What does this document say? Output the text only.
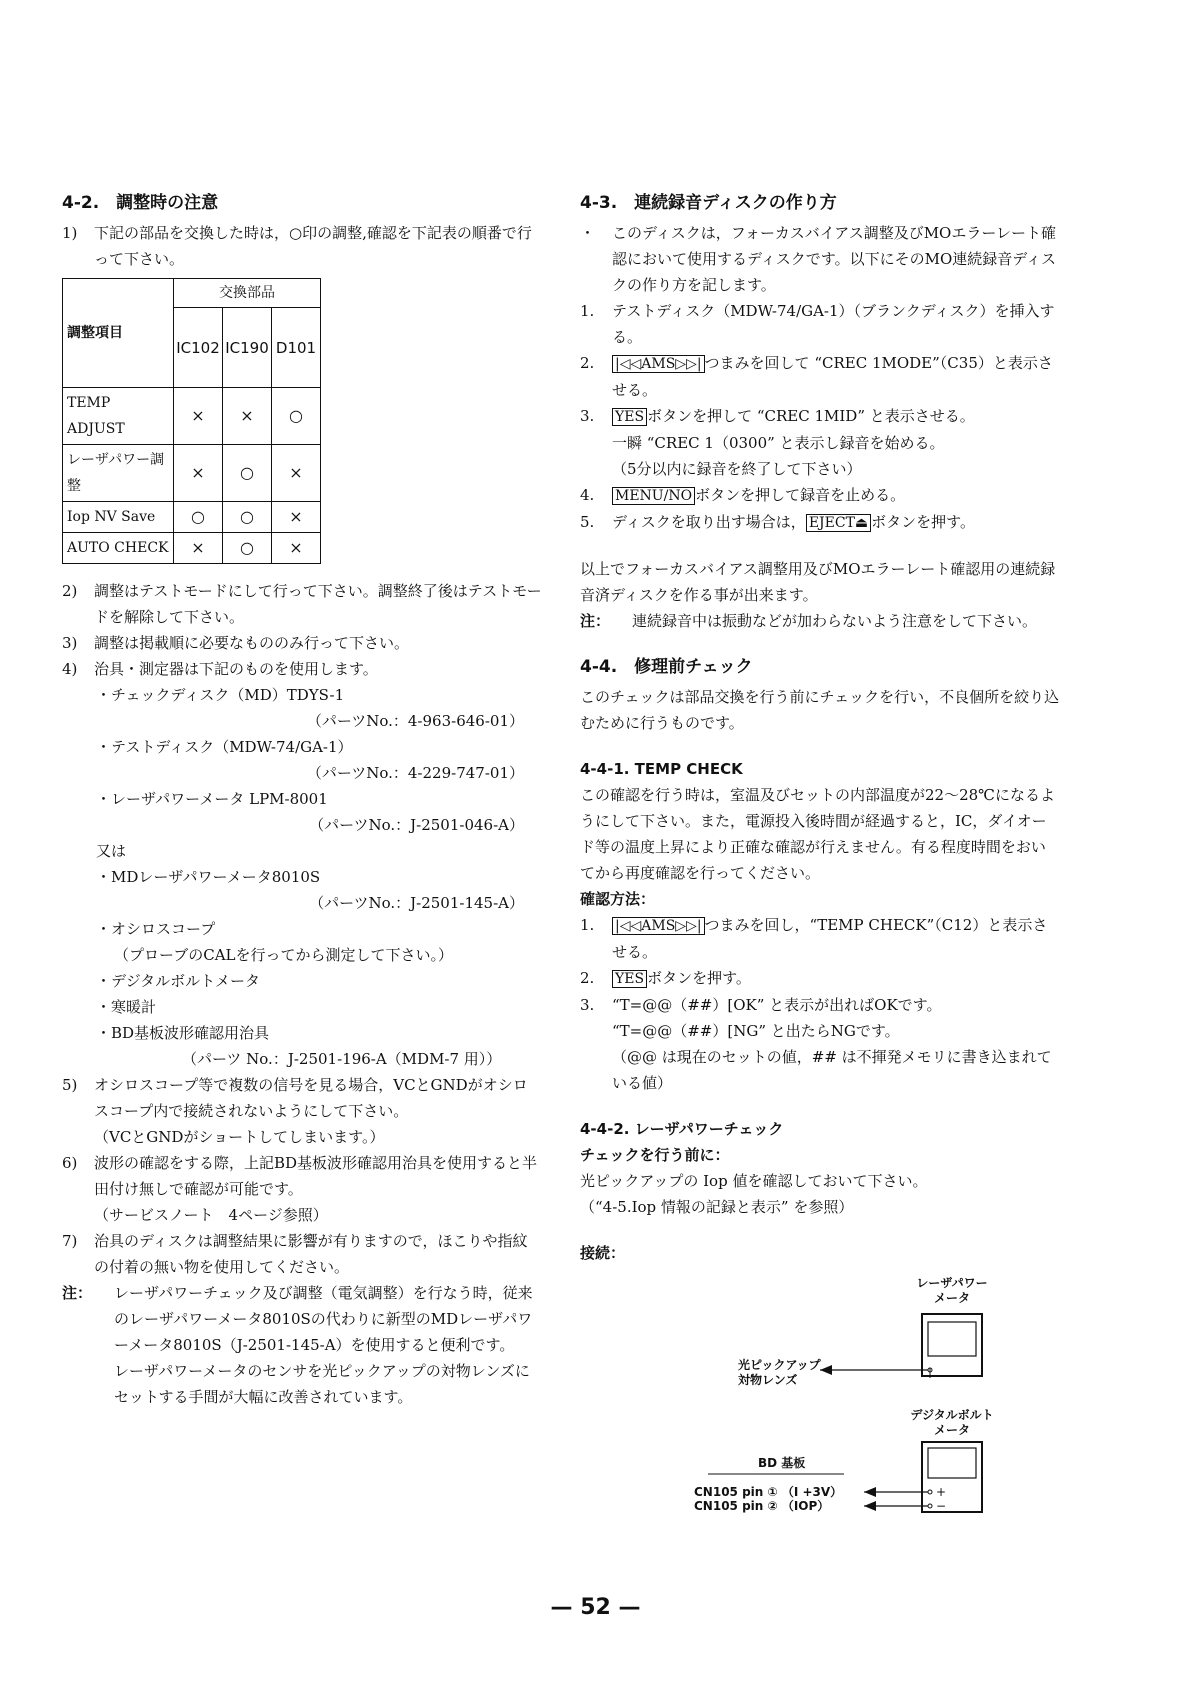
4-2.　調整時の注意
1)	下記の部品を交換した時は，○印の調整,確認を下記表の順番で行って下さい。
調整項目	交換部品		
	IC102	IC190	D101
TEMP ADJUST	×	×	○
レーザパワー調整	×	○	×
Iop NV Save	○	○	×
AUTO CHECK	×	○	×
2)	調整はテストモードにして行って下さい。調整終了後はテストモードを解除して下さい。
3)	調整は掲載順に必要なもののみ行って下さい。
4)	治具・測定器は下記のものを使用します。
・チェックディスク（MD）TDYS-1
（パーツNo.：4-963-646-01）
・テストディスク（MDW-74/GA-1）
（パーツNo.：4-229-747-01）
・レーザパワーメータ LPM-8001
（パーツNo.：J-2501-046-A）
又は
・MDレーザパワーメータ8010S
（パーツNo.：J-2501-145-A）
・オシロスコープ
（プローブのCALを行ってから測定して下さい。）
・デジタルボルトメータ
・寒暖計
・BD基板波形確認用治具
（パーツ No.：J-2501-196-A（MDM-7 用））
5)	オシロスコープ等で複数の信号を見る場合，VCとGNDがオシロスコープ内で接続されないようにして下さい。
（VCとGNDがショートしてしまいます。）
6)	波形の確認をする際，上記BD基板波形確認用治具を使用すると半田付け無しで確認が可能です。
（サービスノート　4ページ参照）
7)	治具のディスクは調整結果に影響が有りますので，ほこりや指紋の付着の無い物を使用してください。
注：	レーザパワーチェック及び調整（電気調整）を行なう時，従来のレーザパワーメータ8010Sの代わりに新型のMDレーザパワーメータ8010S（J-2501-145-A）を使用すると便利です。
レーザパワーメータのセンサを光ピックアップの対物レンズにセットする手間が大幅に改善されています。
4-3.　連続録音ディスクの作り方
・	このディスクは，フォーカスバイアス調整及びMOエラーレート確認において使用するディスクです。以下にそのMO連続録音ディスクの作り方を記します。
1.	テストディスク（MDW-74/GA-1）（ブランクディスク）を挿入する。
2.	|◁◁AMS▷▷| つまみを回して “CREC 1MODE”（C35）と表示させる。
3.	YES ボタンを押して “CREC 1MID” と表示させる。
一瞬 “CREC 1（0300” と表示し録音を始める。
（5分以内に録音を終了して下さい）
4.	MENU/NO ボタンを押して録音を止める。
5.	ディスクを取り出す場合は， EJECT⏏ ボタンを押す。
以上でフォーカスバイアス調整用及びMOエラーレート確認用の連続録音済ディスクを作る事が出来ます。
注：	連続録音中は振動などが加わらないよう注意をして下さい。
4-4.　修理前チェック
このチェックは部品交換を行う前にチェックを行い，不良個所を絞り込むために行うものです。
4-4-1. TEMP CHECK
この確認を行う時は，室温及びセットの内部温度が22～28℃になるようにして下さい。また，電源投入後時間が経過すると，IC，ダイオード等の温度上昇により正確な確認が行えません。有る程度時間をおいてから再度確認を行ってください。
確認方法：
1.	|◁◁AMS▷▷| つまみを回し，“TEMP CHECK”（C12）と表示させる。
2.	YES ボタンを押す。
3.	“T=@@（##）[OK” と表示が出ればOKです。
“T=@@（##）[NG” と出たらNGです。
（@@ は現在のセットの値，## は不揮発メモリに書き込まれている値）
4-4-2. レーザパワーチェック
チェックを行う前に：
光ピックアップの Iop 値を確認しておいて下さい。
（“4-5.Iop 情報の記録と表示” を参照）
接続：
レーザパワー
メータ
光ピックアップ
対物レンズ
デジタルボルト
メータ
BD 基板
CN105 pin ① （I +3V）
CN105 pin ② （IOP）
+
−
— 52 —
